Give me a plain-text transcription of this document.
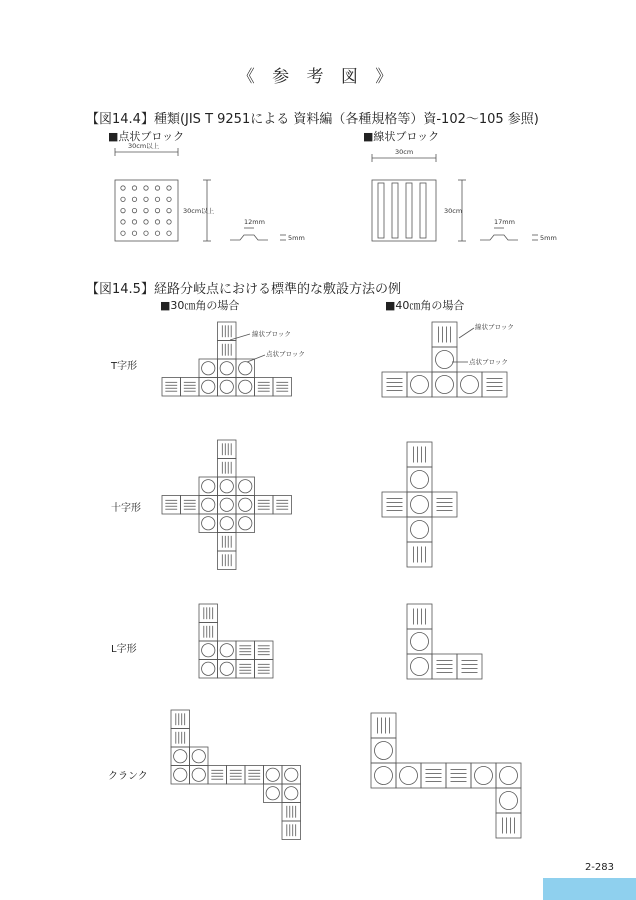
《 参 考 図 》
【図14.4】種類(JIS T 9251による 資料編（各種規格等）資-102～105 参照)
■点状ブロック	■線状ブロック
【図14.5】経路分岐点における標準的な敷設方法の例
■30㎝角の場合	■40㎝角の場合
T字形
十字形
L字形
クランク
30cm以上
30cm以上
12mm
5mm
30cm
30cm
17mm
5mm
線状ブロック
点状ブロック
線状ブロック
点状ブロック
2-283
